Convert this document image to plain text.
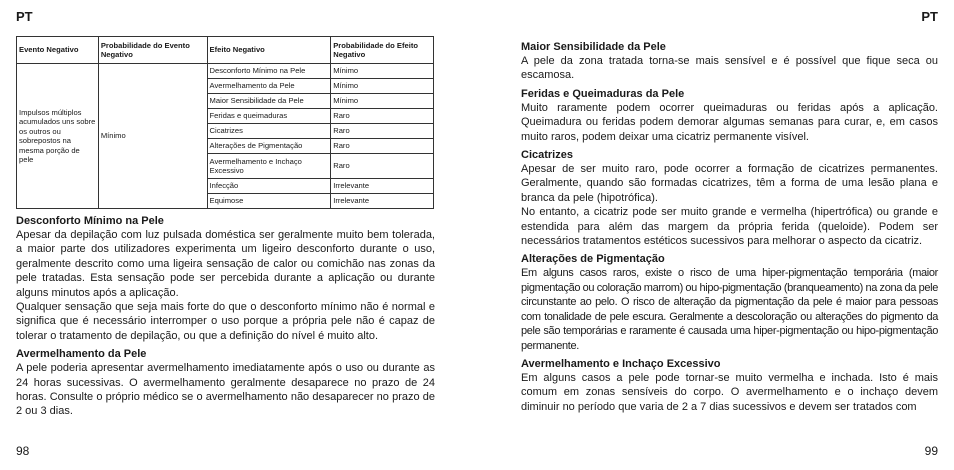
PT
Evento Negativo	Probabilidade do Evento Negativo	Efeito Negativo	Probabilidade do Efeito Negativo
Impulsos múltiplos acumulados uns sobre os outros ou sobrepostos na mesma porção de pele	Mínimo	Desconforto Mínimo na Pele	Mínimo
		Avermelhamento da Pele	Mínimo
		Maior Sensibilidade da Pele	Mínimo
		Feridas e queimaduras	Raro
		Cicatrizes	Raro
		Alterações de Pigmentação	Raro
		Avermelhamento e Inchaço Excessivo	Raro
		Infecção	Irrelevante
		Equimose	Irrelevante
Desconforto Mínimo na Pele

Apesar da depilação com luz pulsada doméstica ser geralmente muito bem tolerada, a maior parte dos utilizadores experimenta um ligeiro desconforto durante o uso, geralmente descrito como uma ligeira sensação de calor ou comichão nas zonas da pele tratadas. Esta sensação pode ser percebida durante a aplicação ou durante alguns minutos após a aplicação.

Qualquer sensação que seja mais forte do que o desconforto mínimo não é normal e significa que é necessário interromper o uso porque a própria pele não é capaz de tolerar o tratamento de depilação, ou que a definição do nível é muito alto.

Avermelhamento da Pele

A pele poderia apresentar avermelhamento imediatamente após o uso ou durante as 24 horas sucessivas. O avermelhamento geralmente desaparece no prazo de 24 horas. Consulte o próprio médico se o avermelhamento não desaparecer no prazo de 2 ou 3 dias.

98
PT
Maior Sensibilidade da Pele

A pele da zona tratada torna-se mais sensível e é possível que fique seca ou escamosa.

Feridas e Queimaduras da Pele

Muito raramente podem ocorrer queimaduras ou feridas após a aplicação. Queimadura ou feridas podem demorar algumas semanas para curar, e, em casos muito raros, podem deixar uma cicatriz permanente visível.

Cicatrizes

Apesar de ser muito raro, pode ocorrer a formação de cicatrizes permanentes. Geralmente, quando são formadas cicatrizes, têm a forma de uma lesão plana e branca da pele (hipotrófica).

No entanto, a cicatriz pode ser muito grande e vermelha (hipertrófica) ou grande e estendida para além das margem da própria ferida (queloide). Podem ser necessários tratamentos estéticos sucessivos para melhorar o aspecto da cicatriz.

Alterações de Pigmentação

Em alguns casos raros, existe o risco de uma hiper-pigmentação temporária (maior pigmentação ou coloração marrom) ou hipo-pigmentação (branqueamento) na zona da pele circunstante ao pelo. O risco de alteração da pigmentação da pele é maior para pessoas com tonalidade de pele escura. Geralmente a descoloração ou alterações do pigmento da pele são temporárias e raramente é causada uma hiper-pigmentação ou hipo-pigmentação permanente.

Avermelhamento e Inchaço Excessivo

Em alguns casos a pele pode tornar-se muito vermelha e inchada. Isto é mais comum em zonas sensíveis do corpo. O avermelhamento e o inchaço devem diminuir no período que varia de 2 a 7 dias sucessivos e devem ser tratados com

99
